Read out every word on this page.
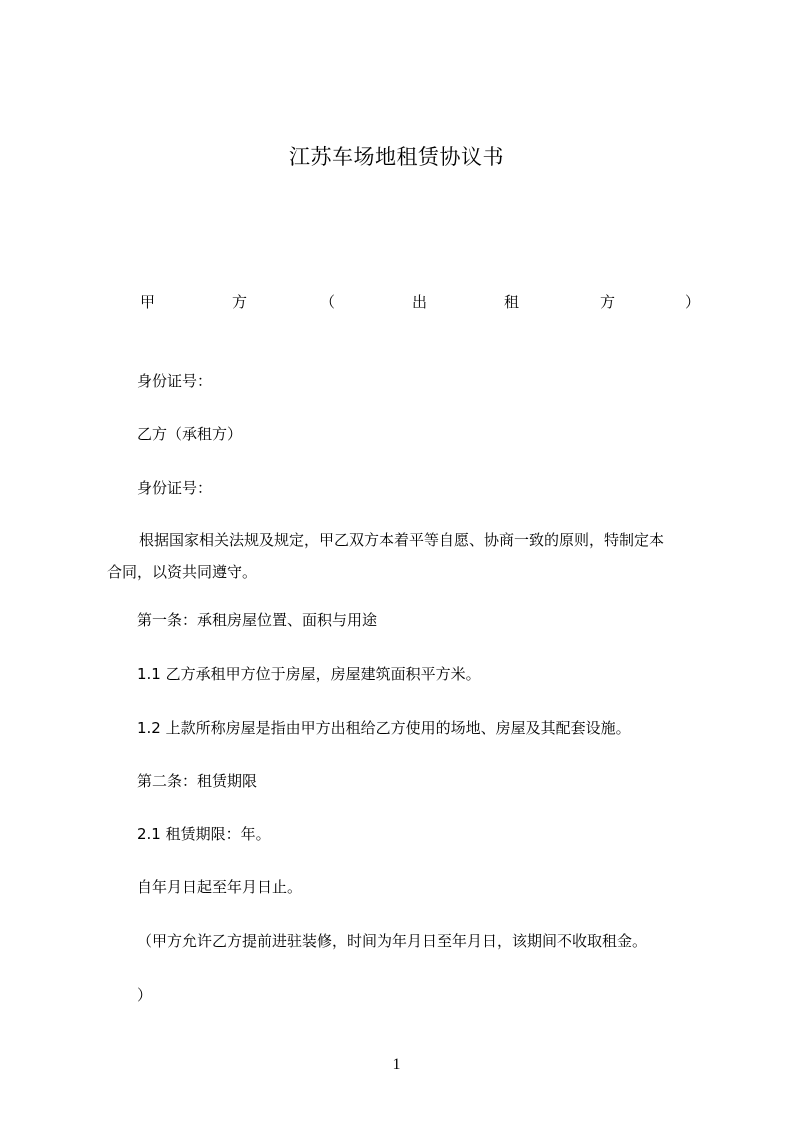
江苏车场地租赁协议书
甲	方	（	出	租	方	）
身份证号：
乙方（承租方）
身份证号：
根据国家相关法规及规定，甲乙双方本着平等自愿、协商一致的原则，特制定本
合同，以资共同遵守。
第一条：承租房屋位置、面积与用途
1.1 乙方承租甲方位于房屋，房屋建筑面积平方米。
1.2 上款所称房屋是指由甲方出租给乙方使用的场地、房屋及其配套设施。
第二条：租赁期限
2.1 租赁期限：年。
自年月日起至年月日止。
（甲方允许乙方提前进驻装修，时间为年月日至年月日，该期间不收取租金。
）
1
